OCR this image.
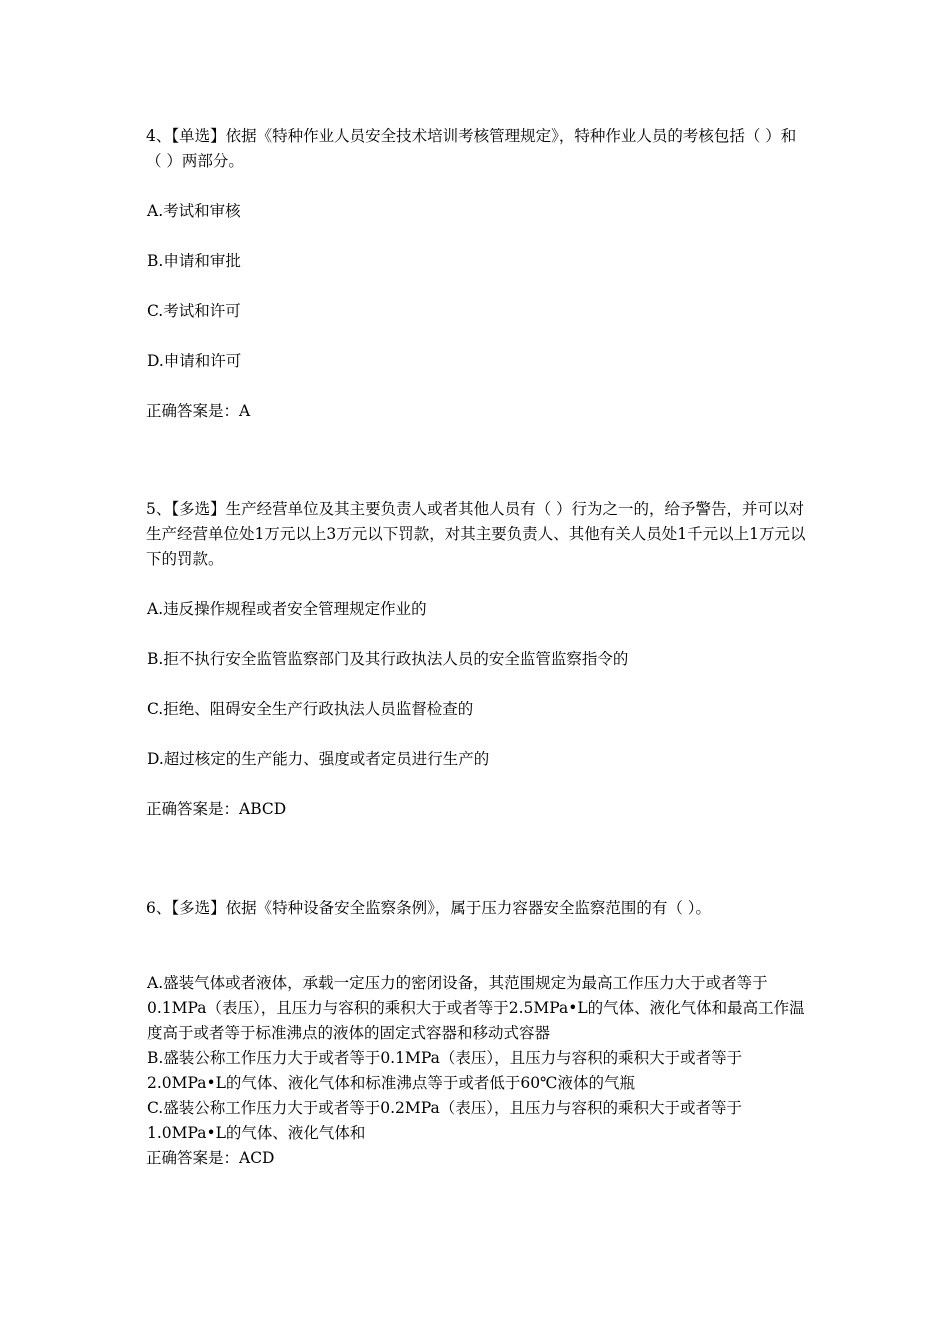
4、【单选】依据《特种作业人员安全技术培训考核管理规定》，特种作业人员的考核包括（ ）和（ ）两部分。

A.考试和审核

B.申请和审批

C.考试和许可

D.申请和许可

正确答案是：A

5、【多选】生产经营单位及其主要负责人或者其他人员有（ ）行为之一的，给予警告，并可以对生产经营单位处1万元以上3万元以下罚款，对其主要负责人、其他有关人员处1千元以上1万元以下的罚款。

A.违反操作规程或者安全管理规定作业的

B.拒不执行安全监管监察部门及其行政执法人员的安全监管监察指令的

C.拒绝、阻碍安全生产行政执法人员监督检查的

D.超过核定的生产能力、强度或者定员进行生产的

正确答案是：ABCD

6、【多选】依据《特种设备安全监察条例》，属于压力容器安全监察范围的有（ ）。

A.盛装气体或者液体，承载一定压力的密闭设备，其范围规定为最高工作压力大于或者等于0.1MPa（表压），且压力与容积的乘积大于或者等于2.5MPa•L的气体、液化气体和最高工作温度高于或者等于标准沸点的液体的固定式容器和移动式容器

B.盛装公称工作压力大于或者等于0.1MPa（表压），且压力与容积的乘积大于或者等于2.0MPa•L的气体、液化气体和标准沸点等于或者低于60℃液体的气瓶

C.盛装公称工作压力大于或者等于0.2MPa（表压），且压力与容积的乘积大于或者等于1.0MPa•L的气体、液化气体和

正确答案是：ACD
